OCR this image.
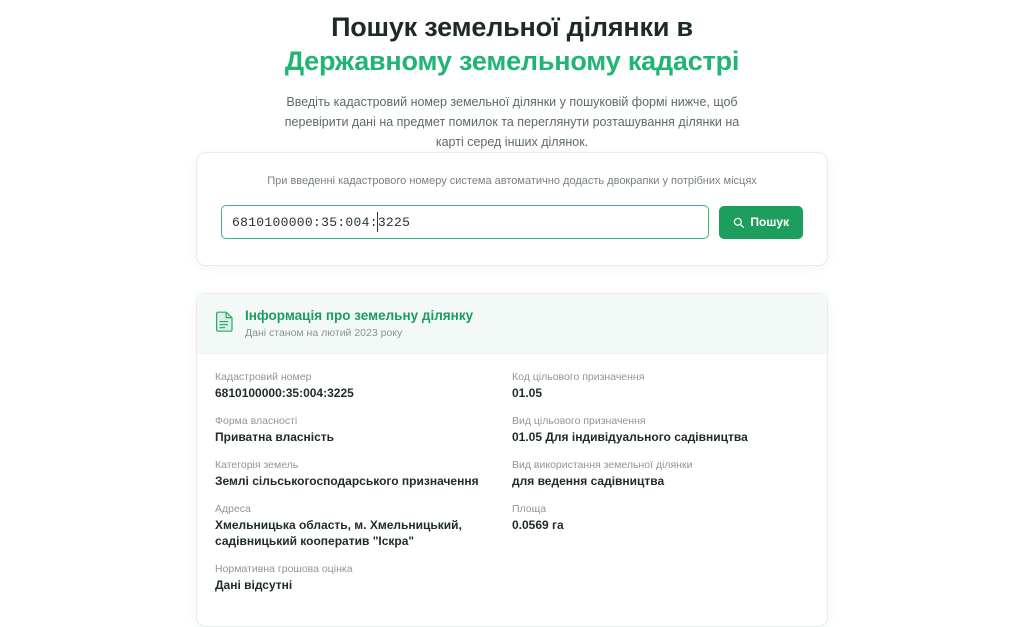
Пошук земельної ділянки в
Державному земельному кадастрі

Введіть кадастровий номер земельної ділянки у пошуковій формі нижче, щоб перевірити дані на предмет помилок та переглянути розташування ділянки на карті серед інших ділянок.

При введенні кадастрового номеру система автоматично додасть двокрапки у потрібних місцях
6810100000:35:004:3225
Пошук
Інформація про земельну ділянку
Дані станом на лютий 2023 року
Кадастровий номер
6810100000:35:004:3225
Форма власності
Приватна власність
Категорія земель
Землі сільськогосподарського призначення
Адреса
Хмельницька область, м. Хмельницький, садівницький кооператив "Іскра"
Нормативна грошова оцінка
Дані відсутні
Код цільового призначення
01.05
Вид цільового призначення
01.05 Для індивідуального садівництва
Вид використання земельної ділянки
для ведення садівництва
Площа
0.0569 га
